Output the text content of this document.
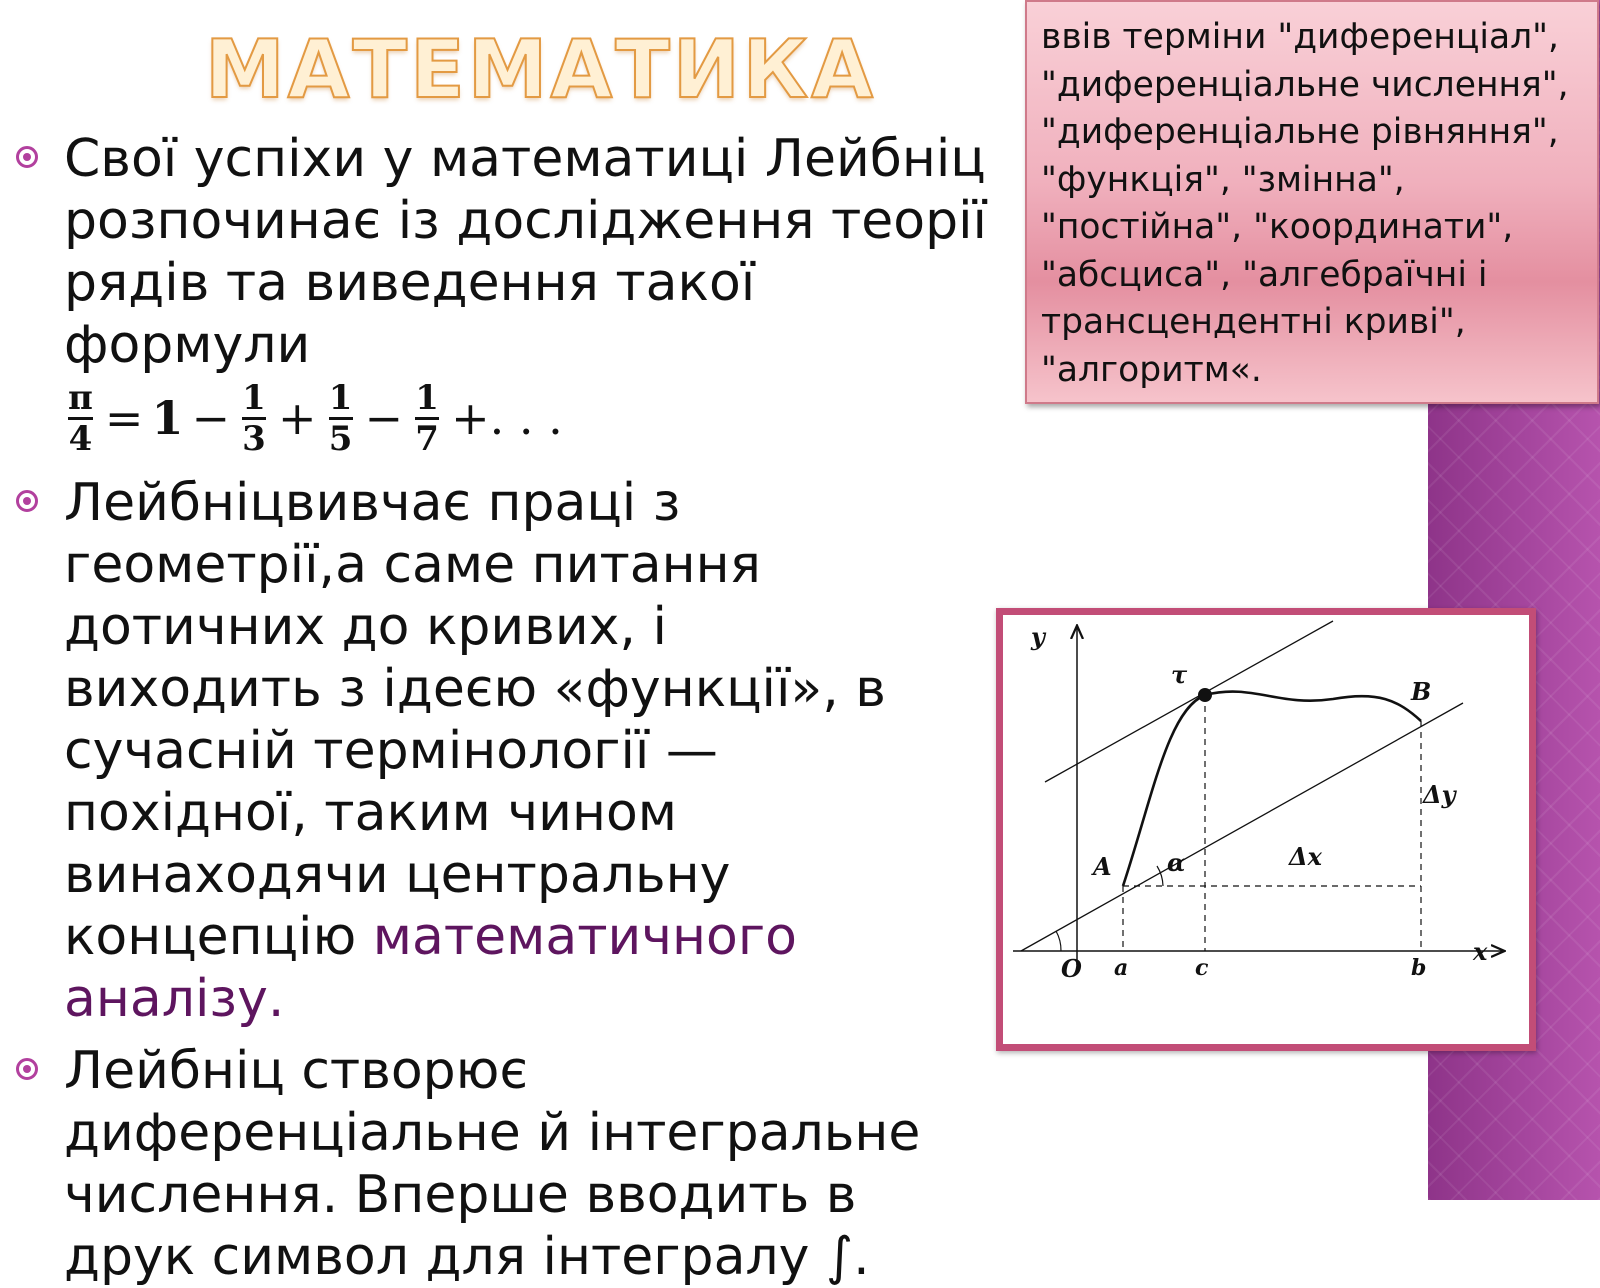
МАТЕМАТИКА
Свої успіхи у математиці Лейбніц розпочинає із дослідження теорії рядів та виведення такої формули
$\frac{\pi}{4} = 1 - \frac{1}{3} + \frac{1}{5} - \frac{1}{7}$ +. . .
Лейбніцвивчає праці з геометрії,а саме питання дотичних до кривих, і виходить з ідеєю «функції», в сучасній термінології — похідної, таким чином винаходячи центральну концепцію математичного аналізу.
Лейбніц створює диференціальне й інтегральне числення. Вперше вводить в друк символ для інтегралу ∫.
ввів терміни "диференціал", "диференціальне числення", "диференціальне рівняння", "функція", "змінна", "постійна", "координати", "абсциса", "алгебраїчні і трансцендентні криві", "алгоритм«.
y
x
O a	c	b
A
B
τ
α	Δx
Δy
